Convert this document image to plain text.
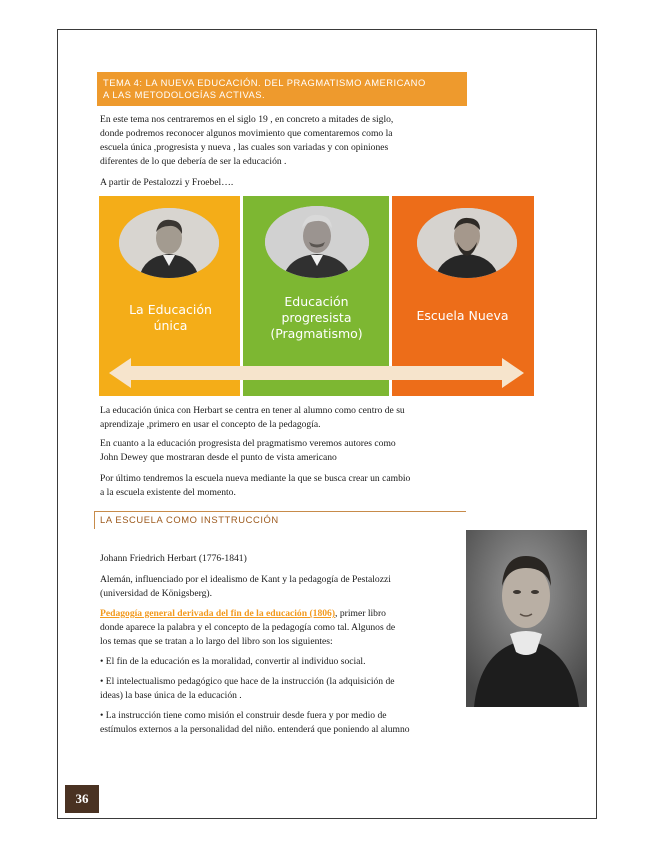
TEMA 4: LA NUEVA EDUCACIÓN. DEL PRAGMATISMO AMERICANO
A LAS METODOLOGÍAS ACTIVAS.

En este tema nos centraremos en el siglo 19 , en concreto a mitades de siglo,

donde podremos reconocer algunos movimiento que comentaremos como la

escuela única ,progresista y nueva , las cuales son variadas y con opiniones

diferentes de lo que debería de ser la educación .

A partir de Pestalozzi y Froebel….

La Educación
única
Educación
progresista
(Pragmatismo)
Escuela Nueva

La educación única con Herbart se centra en tener al alumno como centro de su

aprendizaje ,primero en usar el concepto de la pedagogía.

En cuanto a la educación progresista del pragmatismo veremos autores como

John Dewey que mostraran desde el punto de vista americano

Por último tendremos la escuela nueva mediante la que se busca crear un cambio

a la escuela existente del momento.

LA ESCUELA COMO INSTTRUCCIÓN

Johann Friedrich Herbart (1776-1841)

Alemán, influenciado por el idealismo de Kant y la pedagogía de Pestalozzi

(universidad de Königsberg).

Pedagogía general derivada del fin de la educación (1806), primer libro

donde aparece la palabra y el concepto de la pedagogía como tal. Algunos de

los temas que se tratan a lo largo del libro son los siguientes:

• El fin de la educación es la moralidad, convertir al individuo social.

• El intelectualismo pedagógico que hace de la instrucción (la adquisición de

ideas) la base única de la educación .

• La instrucción tiene como misión el construir desde fuera y por medio de

estímulos externos a la personalidad del niño. entenderá que poniendo al alumno

36
